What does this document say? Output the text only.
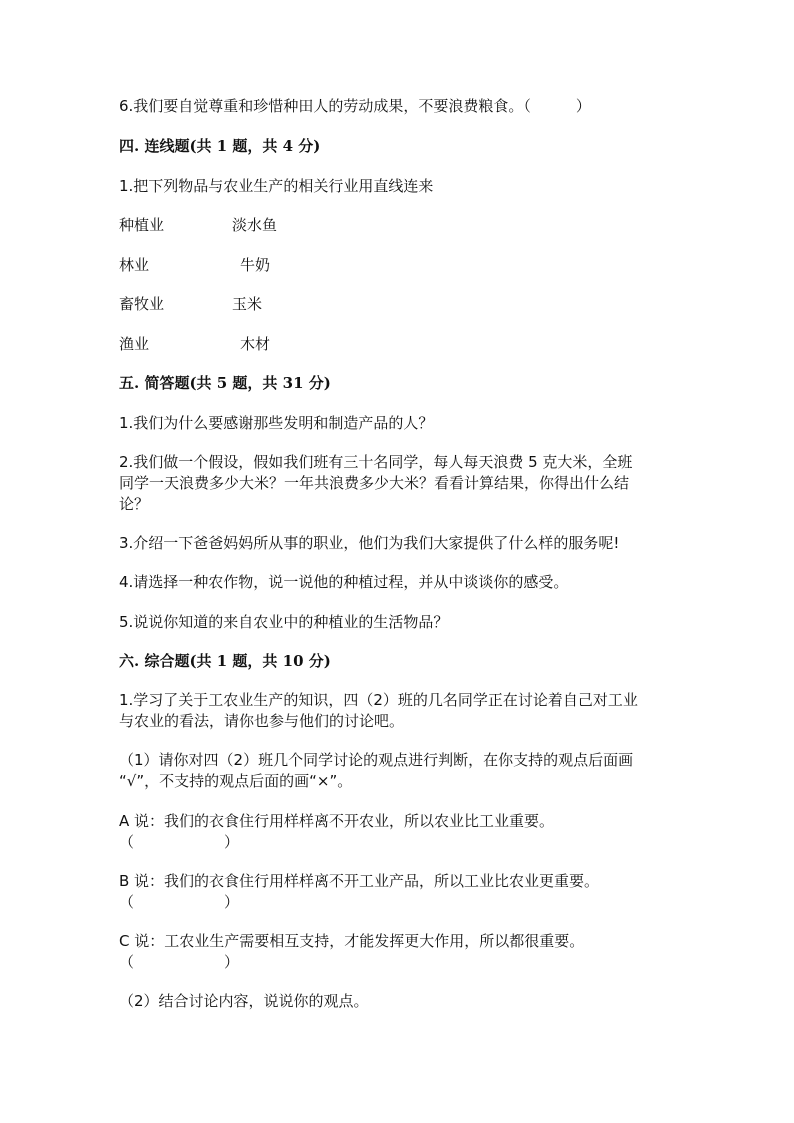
6.我们要自觉尊重和珍惜种田人的劳动成果，不要浪费粮食。（　　　）
四. 连线题(共 1 题，共 4 分)
1.把下列物品与农业生产的相关行业用直线连来
种植业	淡水鱼
林业	牛奶
畜牧业	玉米
渔业	木材
五. 简答题(共 5 题，共 31 分)
1.我们为什么要感谢那些发明和制造产品的人？
2.我们做一个假设，假如我们班有三十名同学，每人每天浪费 5 克大米，全班
同学一天浪费多少大米？一年共浪费多少大米？看看计算结果，你得出什么结
论？
3.介绍一下爸爸妈妈所从事的职业，他们为我们大家提供了什么样的服务呢!
4.请选择一种农作物，说一说他的种植过程，并从中谈谈你的感受。
5.说说你知道的来自农业中的种植业的生活物品？
六. 综合题(共 1 题，共 10 分)
1.学习了关于工农业生产的知识，四（2）班的几名同学正在讨论着自己对工业
与农业的看法，请你也参与他们的讨论吧。
（1）请你对四（2）班几个同学讨论的观点进行判断，在你支持的观点后面画
“√”，不支持的观点后面的画“×”。
A 说：我们的衣食住行用样样离不开农业，所以农业比工业重要。
（　　　　　　）
B 说：我们的衣食住行用样样离不开工业产品，所以工业比农业更重要。
（　　　　　　）
C 说：工农业生产需要相互支持，才能发挥更大作用，所以都很重要。
（　　　　　　）
（2）结合讨论内容，说说你的观点。
